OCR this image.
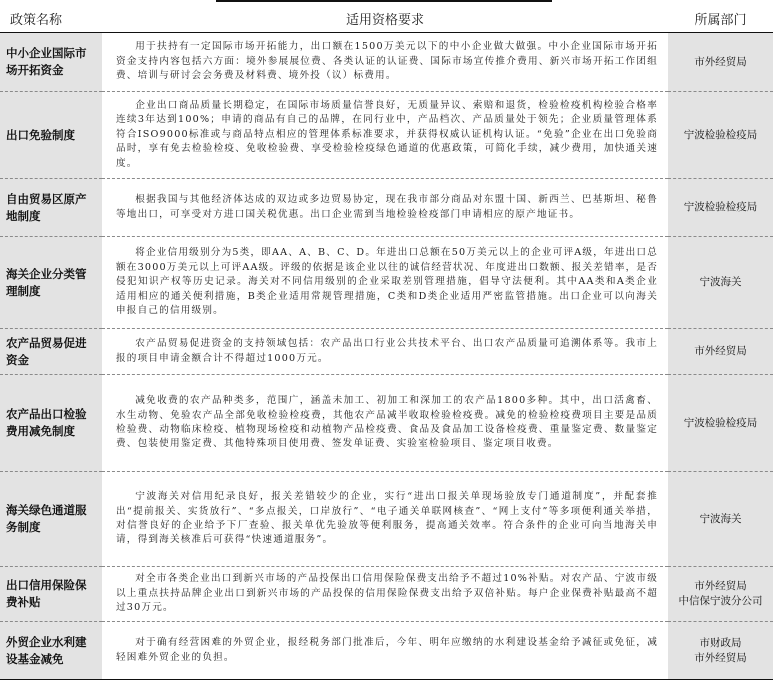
政策名称	适用资格要求	所属部门
中小企业国际市场开拓资金	用于扶持有一定国际市场开拓能力，出口额在1500万美元以下的中小企业做大做强。中小企业国际市场开拓资金支持内容包括六方面：境外参展展位费、各类认证的认证费、国际市场宣传推介费用、新兴市场开拓工作团组费、培训与研讨会会务费及材料费、境外投（议）标费用。	市外经贸局

出口免验制度	企业出口商品质量长期稳定，在国际市场质量信誉良好，无质量异议、索赔和退货，检验检疫机构检验合格率连续3年达到100%；申请的商品有自己的品牌，在同行业中，产品档次、产品质量处于领先；企业质量管理体系符合ISO9000标准或与商品特点相应的管理体系标准要求，并获得权威认证机构认证。“免验”企业在出口免验商品时，享有免去检验检疫、免收检验费、享受检验检疫绿色通道的优惠政策，可简化手续，减少费用，加快通关速度。	宁波检验检疫局

自由贸易区原产地制度	根据我国与其他经济体达成的双边或多边贸易协定，现在我市部分商品对东盟十国、新西兰、巴基斯坦、秘鲁等地出口，可享受对方进口国关税优惠。出口企业需到当地检验检疫部门申请相应的原产地证书。	宁波检验检疫局

海关企业分类管理制度	将企业信用级别分为5类，即AA、A、B、C、D。年进出口总额在50万美元以上的企业可评A级，年进出口总额在3000万美元以上可评AA级。评级的依据是该企业以往的诚信经营状况、年度进出口数额、报关差错率，是否侵犯知识产权等历史记录。海关对不同信用级别的企业采取差别管理措施，倡导守法便利。其中AA类和A类企业适用相应的通关便利措施，B类企业适用常规管理措施，C类和D类企业适用严密监管措施。出口企业可以向海关申报自己的信用级别。	宁波海关

农产品贸易促进资金	农产品贸易促进资金的支持领域包括：农产品出口行业公共技术平台、出口农产品质量可追溯体系等。我市上报的项目申请金额合计不得超过1000万元。	市外经贸局

农产品出口检验费用减免制度	减免收费的农产品种类多，范围广，涵盖未加工、初加工和深加工的农产品1800多种。其中，出口活禽畜、水生动物、免验农产品全部免收检验检疫费，其他农产品减半收取检验检疫费。减免的检验检疫费项目主要是品质检验费、动物临床检疫、植物现场检疫和动植物产品检疫费、食品及食品加工设备检疫费、重量鉴定费、数量鉴定费、包装使用鉴定费、其他特殊项目使用费、签发单证费、实验室检验项目、鉴定项目收费。	宁波检验检疫局

海关绿色通道服务制度	宁波海关对信用纪录良好，报关差错较少的企业，实行“进出口报关单现场验放专门通道制度”，并配套推出“提前报关、实货放行”、“多点报关，口岸放行”、“电子通关单联网核查”、“网上支付”等多项便利通关举措，对信誉良好的企业给予下厂查验、报关单优先验放等便利服务，提高通关效率。符合条件的企业可向当地海关申请，得到海关核准后可获得“快速通道服务”。	宁波海关

出口信用保险保费补贴	对全市各类企业出口到新兴市场的产品投保出口信用保险保费支出给予不超过10%补贴。对农产品、宁波市级以上重点扶持品牌企业出口到新兴市场的产品投保的信用保险保费支出给予双倍补贴。每户企业保费补贴最高不超过30万元。	市外经贸局
中信保宁波分公司

外贸企业水利建设基金减免	对于确有经营困难的外贸企业，报经税务部门批准后，今年、明年应缴纳的水利建设基金给予减征或免征，减轻困难外贸企业的负担。	市财政局
市外经贸局
